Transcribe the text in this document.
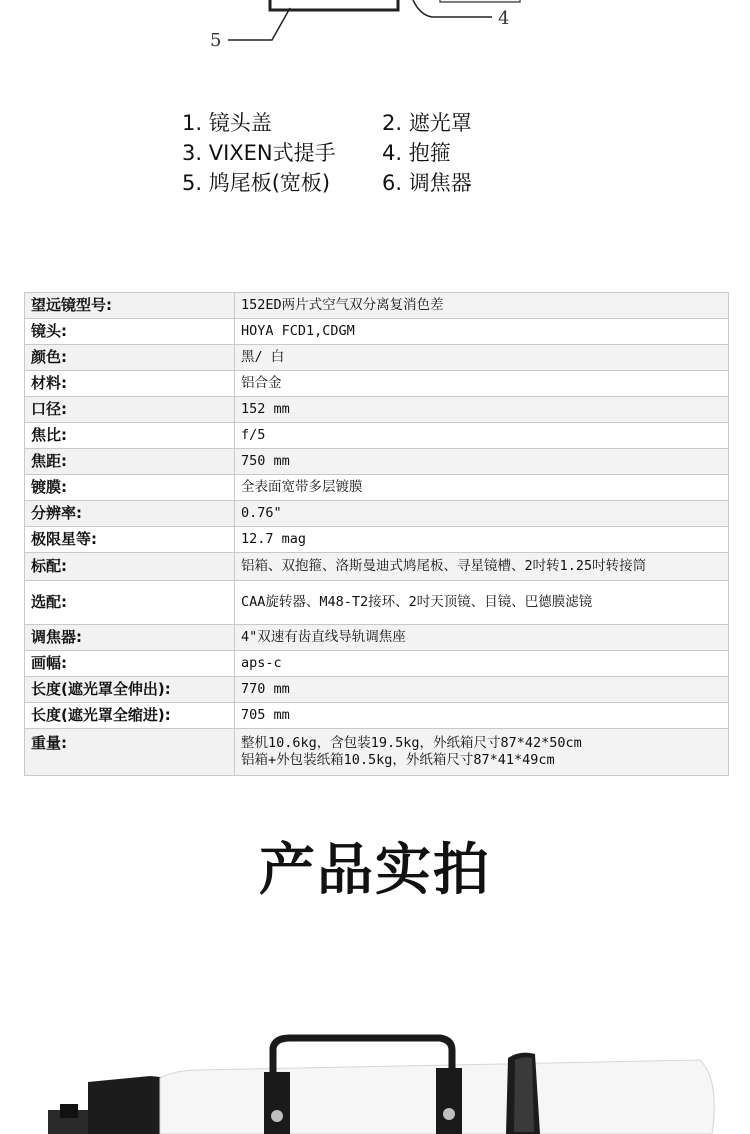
4
5
1. 镜头盖	2. 遮光罩
3. VIXEN式提手	4. 抱箍
5. 鸠尾板(宽板)	6. 调焦器
望远镜型号:	152ED两片式空气双分离复消色差
镜头:	HOYA FCD1,CDGM
颜色:	黑/ 白
材料:	铝合金
口径:	152 mm
焦比:	f/5
焦距:	750 mm
镀膜:	全表面宽带多层镀膜
分辨率:	0.76"
极限星等:	12.7 mag
标配:	铝箱、双抱箍、洛斯曼迪式鸠尾板、寻星镜槽、2吋转1.25吋转接筒
选配:	CAA旋转器、M48-T2接环、2吋天顶镜、目镜、巴德膜滤镜
调焦器:	4"双速有齿直线导轨调焦座
画幅:	aps-c
长度(遮光罩全伸出):	770 mm
长度(遮光罩全缩进):	705 mm
重量:	整机10.6kg，含包装19.5kg，外纸箱尺寸87*42*50cm
铝箱+外包装纸箱10.5kg，外纸箱尺寸87*41*49cm
产品实拍
